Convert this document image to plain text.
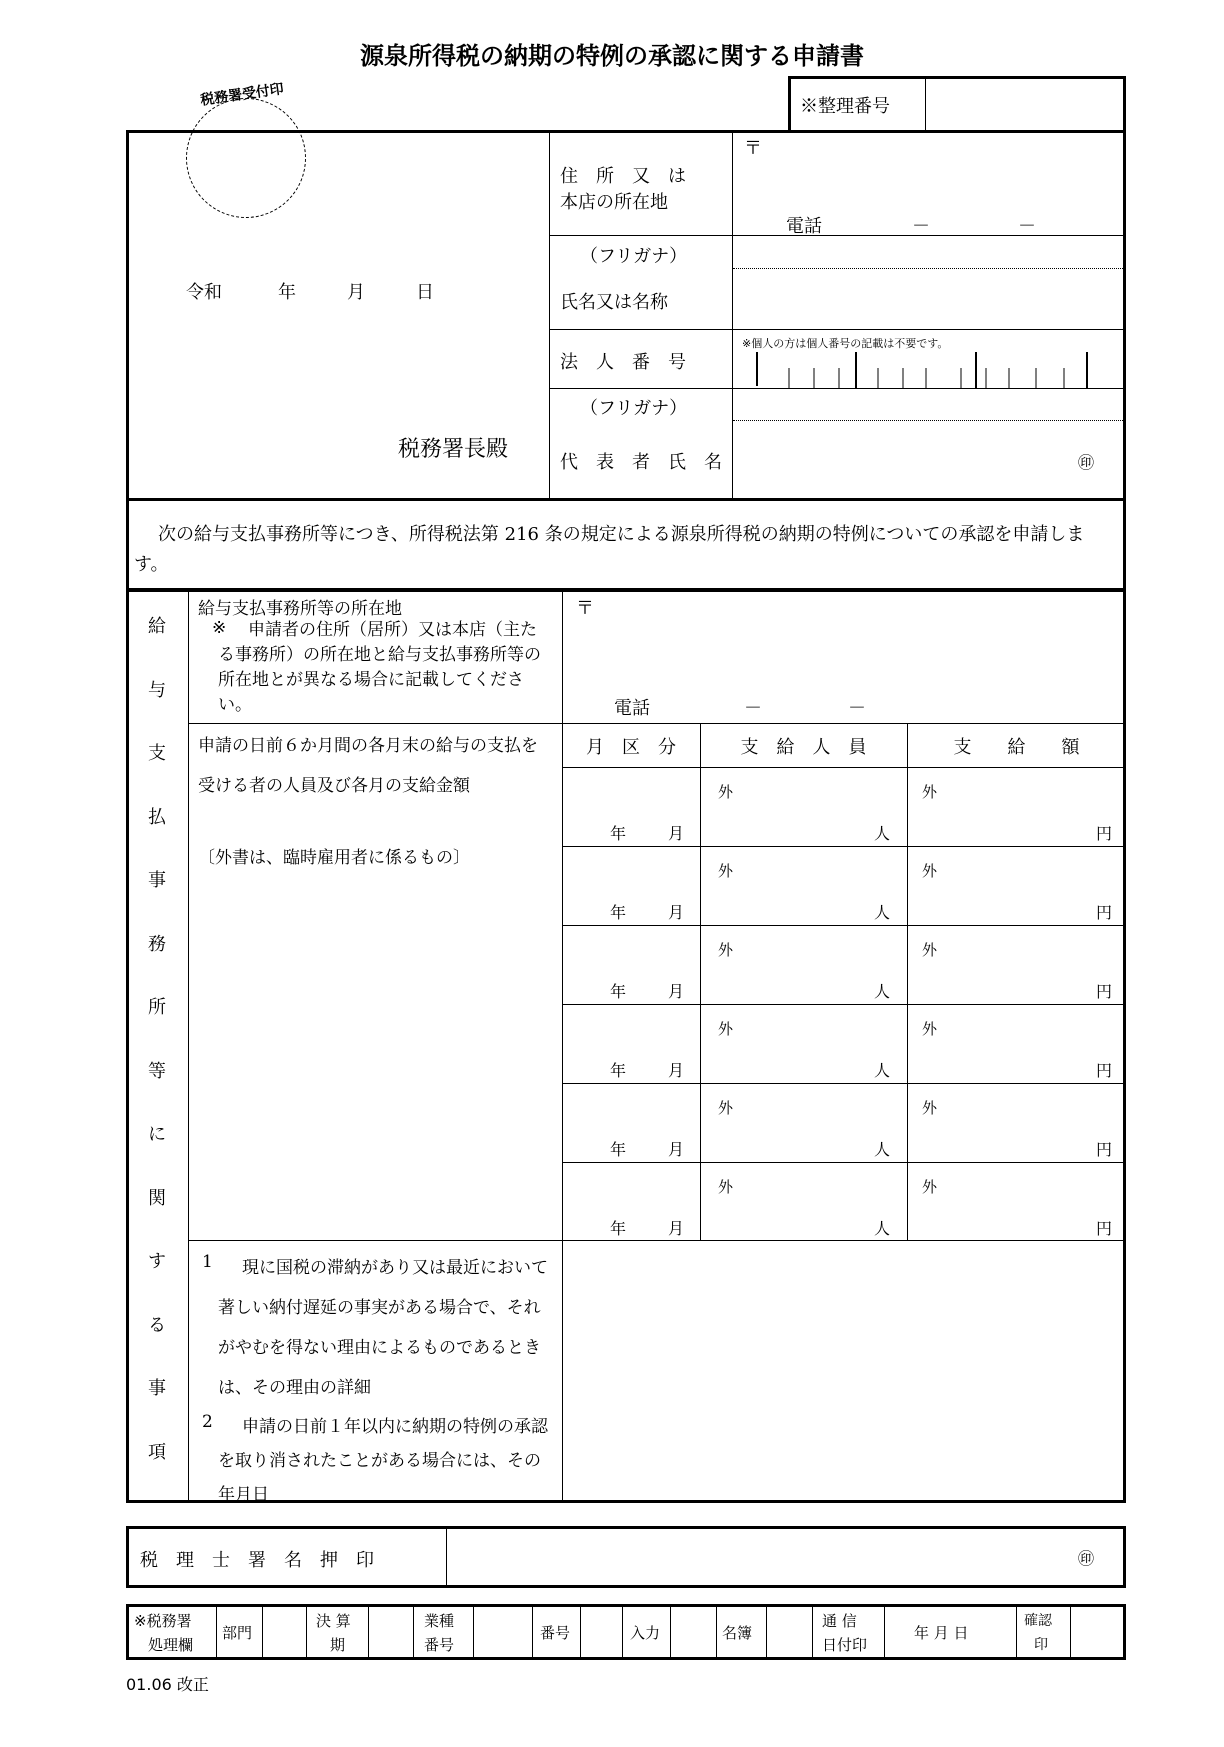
源泉所得税の納期の特例の承認に関する申請書
税務署受付印	※整理番号
令和	年	月	日
税務署長殿
住　所　又　は
本店の所在地
〒
電話	－	－
（フリガナ）
氏名又は名称
法　人　番　号
※個人の方は個人番号の記載は不要です。
（フリガナ）
代　表　者　氏　名	㊞
次の給与支払事務所等につき、所得税法第 216 条の規定による源泉所得税の納期の特例についての承認を申請します。
給
与
支
払
事
務
所
等
に
関
す
る
事
項
給与支払事務所等の所在地
※	申請者の住所（居所）又は本店（主たる事務所）の所在地と給与支払事務所等の所在地とが異なる場合に記載してください。
〒
電話	－	－
申請の日前６か月間の各月末の給与の支払を受ける者の人員及び各月の支給金額
〔外書は、臨時雇用者に係るもの〕
月　区　分	支　給　人　員	支　　給　　額
年	月
外
人
外
円
年	月
外
人
外
円
年	月
外
人
外
円
年	月
外
人
外
円
年	月
外
人
外
円
年	月
外
人
外
円
1	現に国税の滞納があり又は最近において著しい納付遅延の事実がある場合で、それがやむを得ない理由によるものであるときは、その理由の詳細
2	申請の日前１年以内に納期の特例の承認を取り消されたことがある場合には、その年月日
税　理　士　署　名　押　印	㊞
※税務署
処理欄
部門
決 算
期
業種
番号
番号	入力	名簿
通 信
日付印
年 月 日
確認
印
01.06 改正
